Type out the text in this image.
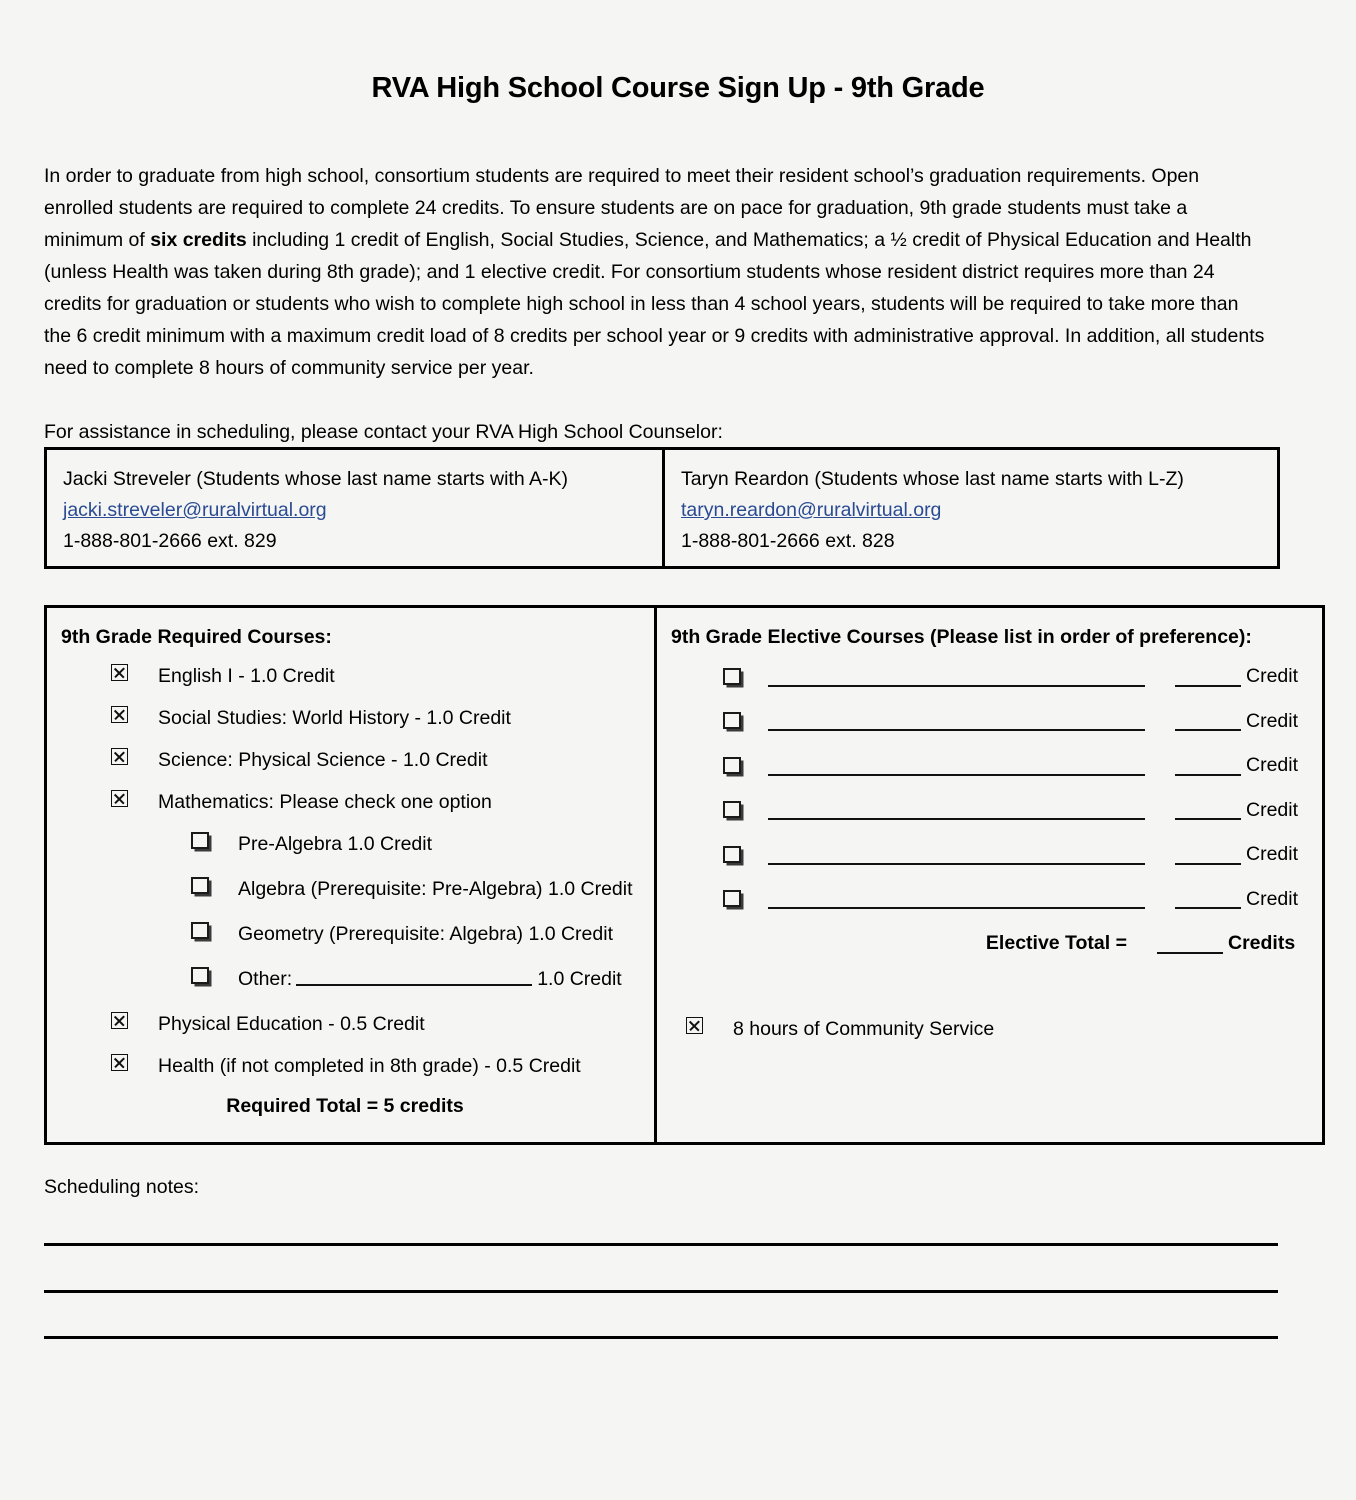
RVA High School Course Sign Up - 9th Grade
In order to graduate from high school, consortium students are required to meet their resident school’s graduation requirements. Open enrolled students are required to complete 24 credits. To ensure students are on pace for graduation, 9th grade students must take a minimum of six credits including 1 credit of English, Social Studies, Science, and Mathematics; a ½ credit of Physical Education and Health (unless Health was taken during 8th grade); and 1 elective credit. For consortium students whose resident district requires more than 24 credits for graduation or students who wish to complete high school in less than 4 school years, students will be required to take more than the 6 credit minimum with a maximum credit load of 8 credits per school year or 9 credits with administrative approval. In addition, all students need to complete 8 hours of community service per year.
For assistance in scheduling, please contact your RVA High School Counselor:
Jacki Streveler (Students whose last name starts with A-K)
jacki.streveler@ruralvirtual.org
1-888-801-2666 ext. 829
Taryn Reardon (Students whose last name starts with L-Z)
taryn.reardon@ruralvirtual.org
1-888-801-2666 ext. 828
9th Grade Required Courses:
English I - 1.0 Credit
Social Studies: World History - 1.0 Credit
Science: Physical Science - 1.0 Credit
Mathematics: Please check one option
Pre-Algebra 1.0 Credit
Algebra (Prerequisite: Pre-Algebra) 1.0 Credit
Geometry (Prerequisite: Algebra) 1.0 Credit
Other:	1.0 Credit
Physical Education - 0.5 Credit
Health (if not completed in 8th grade) - 0.5 Credit
Required Total = 5 credits
9th Grade Elective Courses (Please list in order of preference):
Credit
Credit
Credit
Credit
Credit
Credit
Elective Total =	Credits
8 hours of Community Service
Scheduling notes:
